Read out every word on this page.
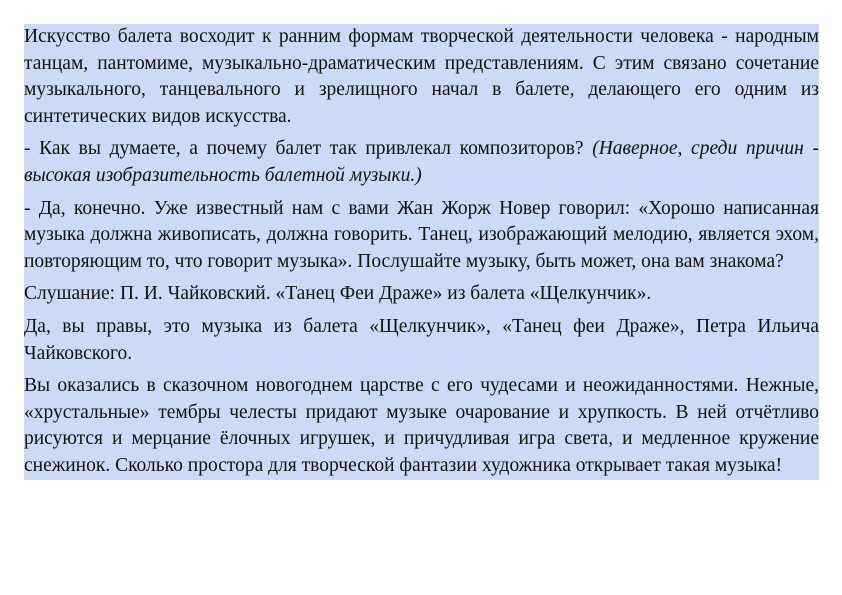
Искусство балета восходит к ранним формам творческой деятельности человека - народным танцам, пантомиме, музыкально-драматическим представлениям. С этим связано сочетание музыкального, танцевального и зрелищного начал в балете, делающего его одним из синтетических видов искусства.

- Как вы думаете, а почему балет так привлекал композиторов? (Наверное, среди причин - высокая изобразительность балетной музыки.)

- Да, конечно. Уже известный нам с вами Жан Жорж Новер говорил: «Хорошо написанная музыка должна живописать, должна говорить. Танец, изображающий мелодию, является эхом, повторяющим то, что говорит музыка». Послушайте музыку, быть может, она вам знакома?

Слушание: П. И. Чайковский. «Танец Феи Драже» из балета «Щелкунчик».

Да, вы правы, это музыка из балета «Щелкунчик», «Танец феи Драже», Петра Ильича Чайковского.

Вы оказались в сказочном новогоднем царстве с его чудесами и неожиданностями. Нежные, «хрустальные» тембры челесты придают музыке очарование и хрупкость. В ней отчётливо рисуются и мерцание ёлочных игрушек, и причудливая игра света, и медленное кружение снежинок. Сколько простора для творческой фантазии художника открывает такая музыка!
